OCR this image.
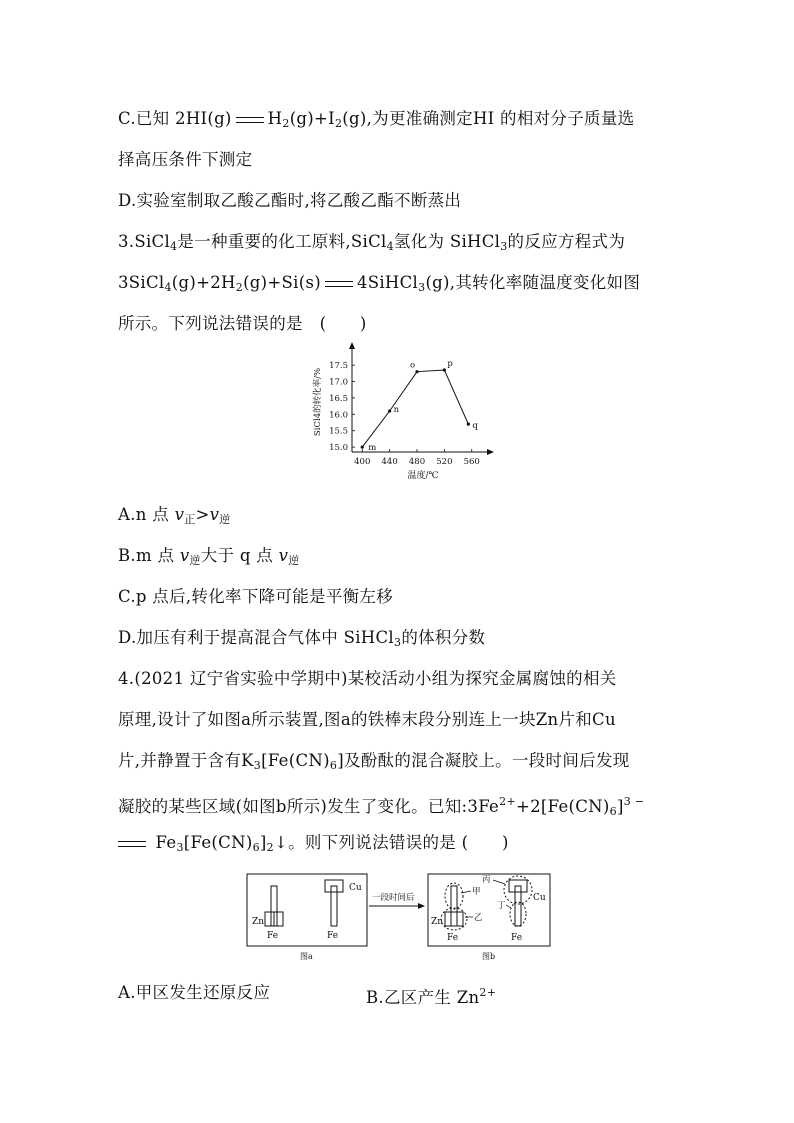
C.已知 2HI(g) $H_2(g)+I_2(g)$,为更准确测定HI 的相对分子质量选
择高压条件下测定
D.实验室制取乙酸乙酯时,将乙酸乙酯不断蒸出
3.SiCl$_4$是一种重要的化工原料,SiCl$_4$氢化为 SiHCl$_3$的反应方程式为
$3SiCl_4(g)+2H_2(g)+Si(s)$ 4SiHCl$_3$(g),其转化率随温度变化如图
所示。下列说法错误的是　(　　)
15.0
15.5
16.0
16.5
17.0
17.5
400 440 480 520 560
温度/℃
SiCl4的转化率/%
m
n
o	p
q
A.n 点 $v_正>v_逆$
B.m 点 $v_逆$大于 q 点 $v_逆$
C.p 点后,转化率下降可能是平衡左移
D.加压有利于提高混合气体中 SiHCl$_3$的体积分数
4.(2021 辽宁省实验中学期中)某校活动小组为探究金属腐蚀的相关
原理,设计了如图a所示装置,图a的铁棒末段分别连上一块Zn片和Cu
片,并静置于含有$K_3[Fe(CN)_6]$及酚酞的混合凝胶上。一段时间后发现
凝胶的某些区域(如图b所示)发生了变化。已知$:3Fe^{2+}+2[Fe(CN)_6]^{3 -}$
$Fe_3[Fe(CN)_6]_2↓$。则下列说法错误的是 (　　)
Zn
Fe
Cu
Fe
图a
一段时间后
甲
乙
Zn
Fe
丙
丁
Cu
Fe
图b
A.甲区发生还原反应	B.乙区产生 $Zn^{2+}$
